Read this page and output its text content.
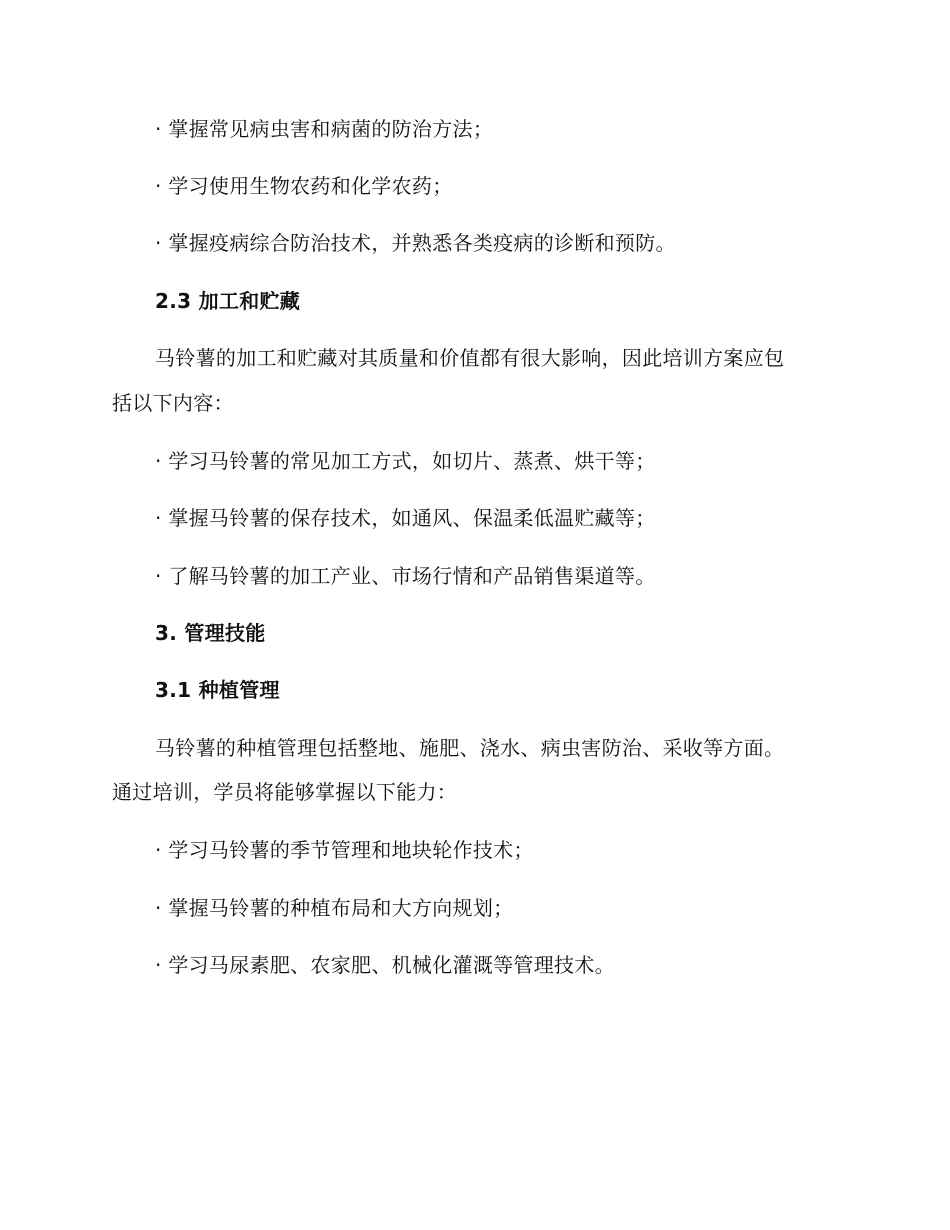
· 掌握常见病虫害和病菌的防治方法；
· 学习使用生物农药和化学农药；
· 掌握疫病综合防治技术，并熟悉各类疫病的诊断和预防。
2.3 加工和贮藏
马铃薯的加工和贮藏对其质量和价值都有很大影响，因此培训方案应包
括以下内容：
· 学习马铃薯的常见加工方式，如切片、蒸煮、烘干等；
· 掌握马铃薯的保存技术，如通风、保温柔低温贮藏等；
· 了解马铃薯的加工产业、市场行情和产品销售渠道等。
3. 管理技能
3.1 种植管理
马铃薯的种植管理包括整地、施肥、浇水、病虫害防治、采收等方面。
通过培训，学员将能够掌握以下能力：
· 学习马铃薯的季节管理和地块轮作技术；
· 掌握马铃薯的种植布局和大方向规划；
· 学习马尿素肥、农家肥、机械化灌溉等管理技术。
